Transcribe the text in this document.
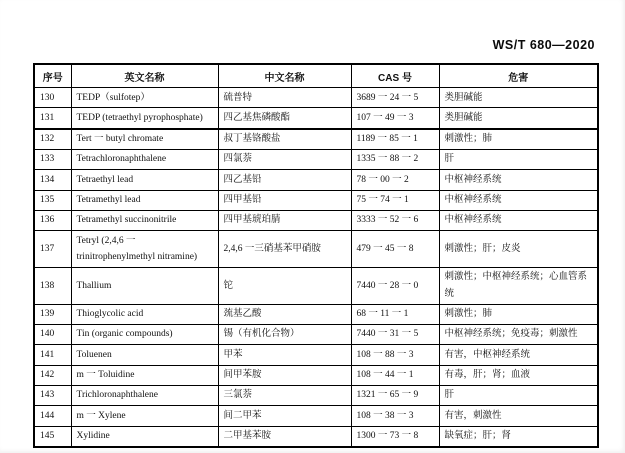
WS/T 680—2020
序号	英文名称	中文名称	CAS 号	危害
130	TEDP（sulfotep）	硫普特	3689 一 24 一 5	类胆碱能
131	TEDP (tetraethyl pyrophosphate)	四乙基焦磷酸酯	107 一 49 一 3	类胆碱能
132	Tert 一 butyl chromate	叔丁基铬酸盐	1189 一 85 一 1	刺激性；肺
133	Tetrachloronaphthalene	四氯萘	1335 一 88 一 2	肝
134	Tetraethyl lead	四乙基铅	78 一 00 一 2	中枢神经系统
135	Tetramethyl lead	四甲基铅	75 一 74 一 1	中枢神经系统
136	Tetramethyl succinonitrile	四甲基琥珀腈	3333 一 52 一 6	中枢神经系统
137	Tetryl (2,4,6 一 trinitrophenylmethyl nitramine)	2,4,6 一三硝基苯甲硝胺	479 一 45 一 8	刺激性；肝；皮炎
138	Thallium	铊	7440 一 28 一 0	刺激性；中枢神经系统；心血管系统
139	Thioglycolic acid	巯基乙酸	68 一 11 一 1	刺激性；肺
140	Tin (organic compounds)	锡（有机化合物）	7440 一 31 一 5	中枢神经系统；免疫毒；刺激性
141	Toluenen	甲苯	108 一 88 一 3	有害，中枢神经系统
142	m 一 Toluidine	间甲苯胺	108 一 44 一 1	有毒，肝；肾；血液
143	Trichloronaphthalene	三氯萘	1321 一 65 一 9	肝
144	m 一 Xylene	间二甲苯	108 一 38 一 3	有害，刺激性
145	Xylidine	二甲基苯胺	1300 一 73 一 8	缺氧症；肝；肾
